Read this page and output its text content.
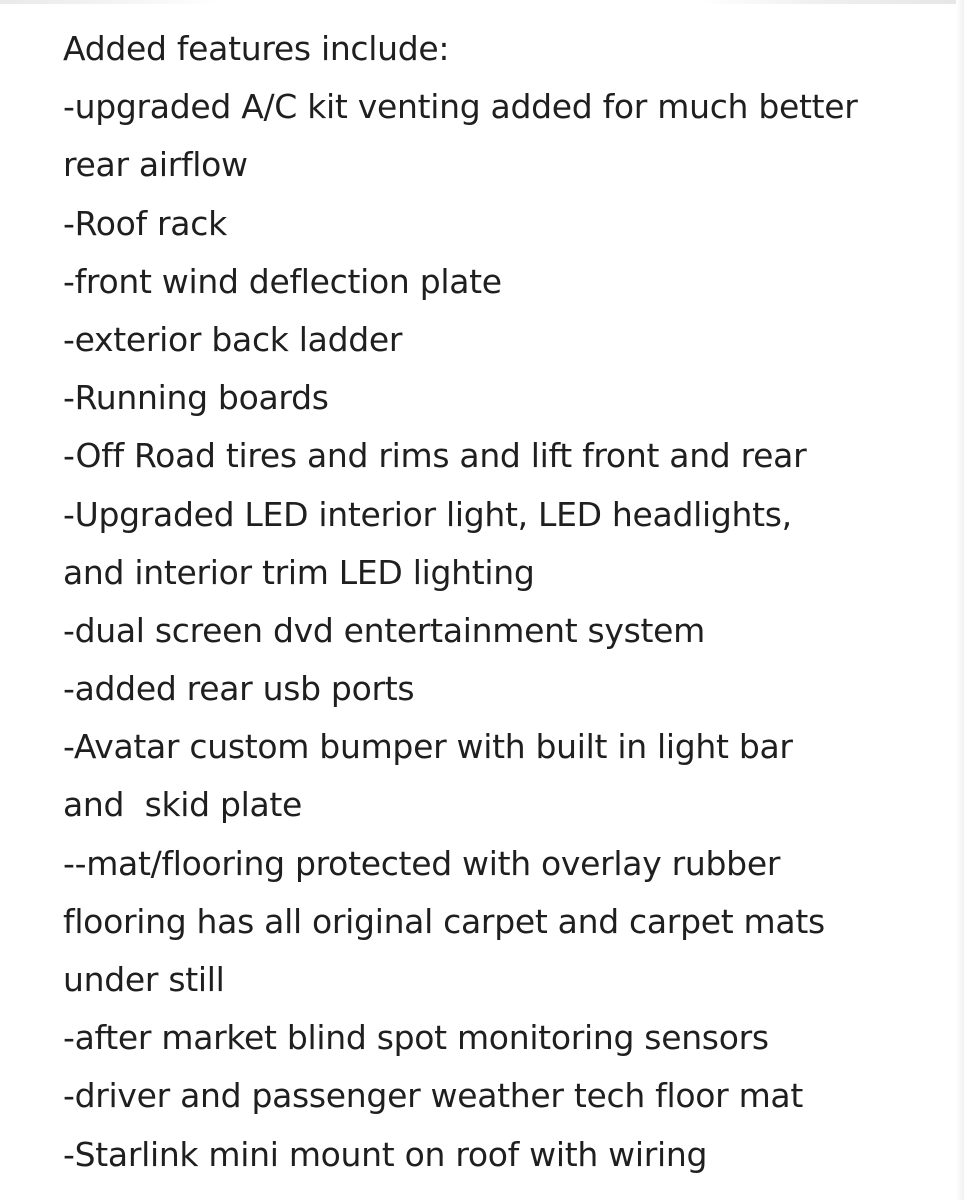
Added features include:
-upgraded A/C kit venting added for much better
rear airflow
-Roof rack
-front wind deflection plate
-exterior back ladder
-Running boards
-Off Road tires and rims and lift front and rear
-Upgraded LED interior light, LED headlights,
and interior trim LED lighting
-dual screen dvd entertainment system
-added rear usb ports
-Avatar custom bumper with built in light bar
and  skid plate
--mat/flooring protected with overlay rubber
flooring has all original carpet and carpet mats
under still
-after market blind spot monitoring sensors
-driver and passenger weather tech floor mat
-Starlink mini mount on roof with wiring
